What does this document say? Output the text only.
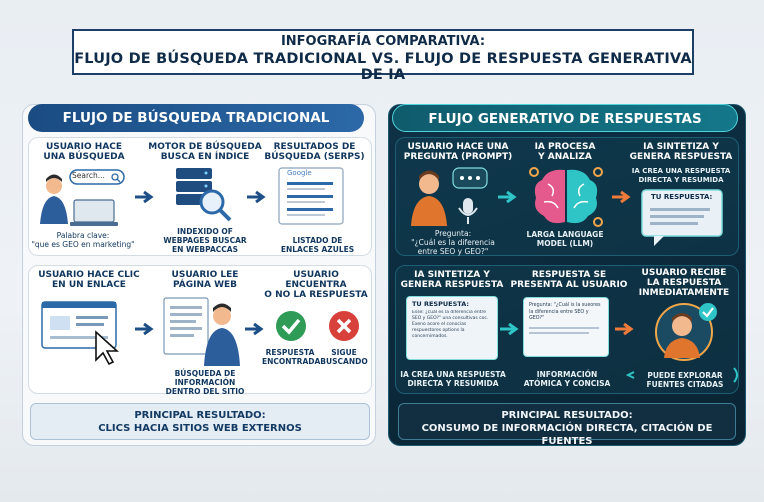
INFOGRAFÍA COMPARATIVA:
FLUJO DE BÚSQUEDA TRADICIONAL VS. FLUJO DE RESPUESTA GENERATIVA DE IA
FLUJO DE BÚSQUEDA TRADICIONAL
USUARIO HACE
UNA BÚSQUEDA
Search...
Palabra clave:
"que es GEO en marketing"
MOTOR DE BÚSQUEDA
BUSCA EN ÍNDICE
INDEXIDO OF
WEBPAGES BUSCAR
EN WEBPACCAS
RESULTADOS DE
BÚSQUEDA (SERPS)
Google
LISTADO DE
ENLACES AZULES
USUARIO HACE CLIC
EN UN ENLACE
USUARIO LEE
PÁGINA WEB
BÚSQUEDA DE
INFORMACIÓN
DENTRO DEL SITIO
USUARIO ENCUENTRA
O NO LA RESPUESTA
RESPUESTA
ENCONTRADA
SIGUE
BUSCANDO
PRINCIPAL RESULTADO:
CLICS HACIA SITIOS WEB EXTERNOS
FLUJO GENERATIVO DE RESPUESTAS
USUARIO HACE UNA
PREGUNTA (PROMPT)
Pregunta:
"¿Cuál es la diferencia
entre SEO y GEO?"
IA PROCESA
Y ANALIZA
LARGA LANGUAGE
MODEL (LLM)
IA SINTETIZA Y
GENERA RESPUESTA
IA CREA UNA RESPUESTA
DIRECTA Y RESUMIDA
TU RESPUESTA:
IA SINTETIZA Y
GENERA RESPUESTA
TU RESPUESTA:
Esse: ¿cuál es la diferencia entre SEO y GEO?" una consultivas coc. Exeno acore el conocias respuestores options la concernimados.
IA CREA UNA RESPUESTA
DIRECTA Y RESUMIDA
RESPUESTA SE
PRESENTA AL USUARIO
Pregunta: "¿Cuál is la sueores la diferencia entre SEO y GEO?"
INFORMACIÓN
ATÓMICA Y CONCISA
USUARIO RECIBE
LA RESPUESTA
INMEDIATAMENTE
PUEDE EXPLORAR
FUENTES CITADAS
PRINCIPAL RESULTADO:
CONSUMO DE INFORMACIÓN DIRECTA, CITACIÓN DE FUENTES
